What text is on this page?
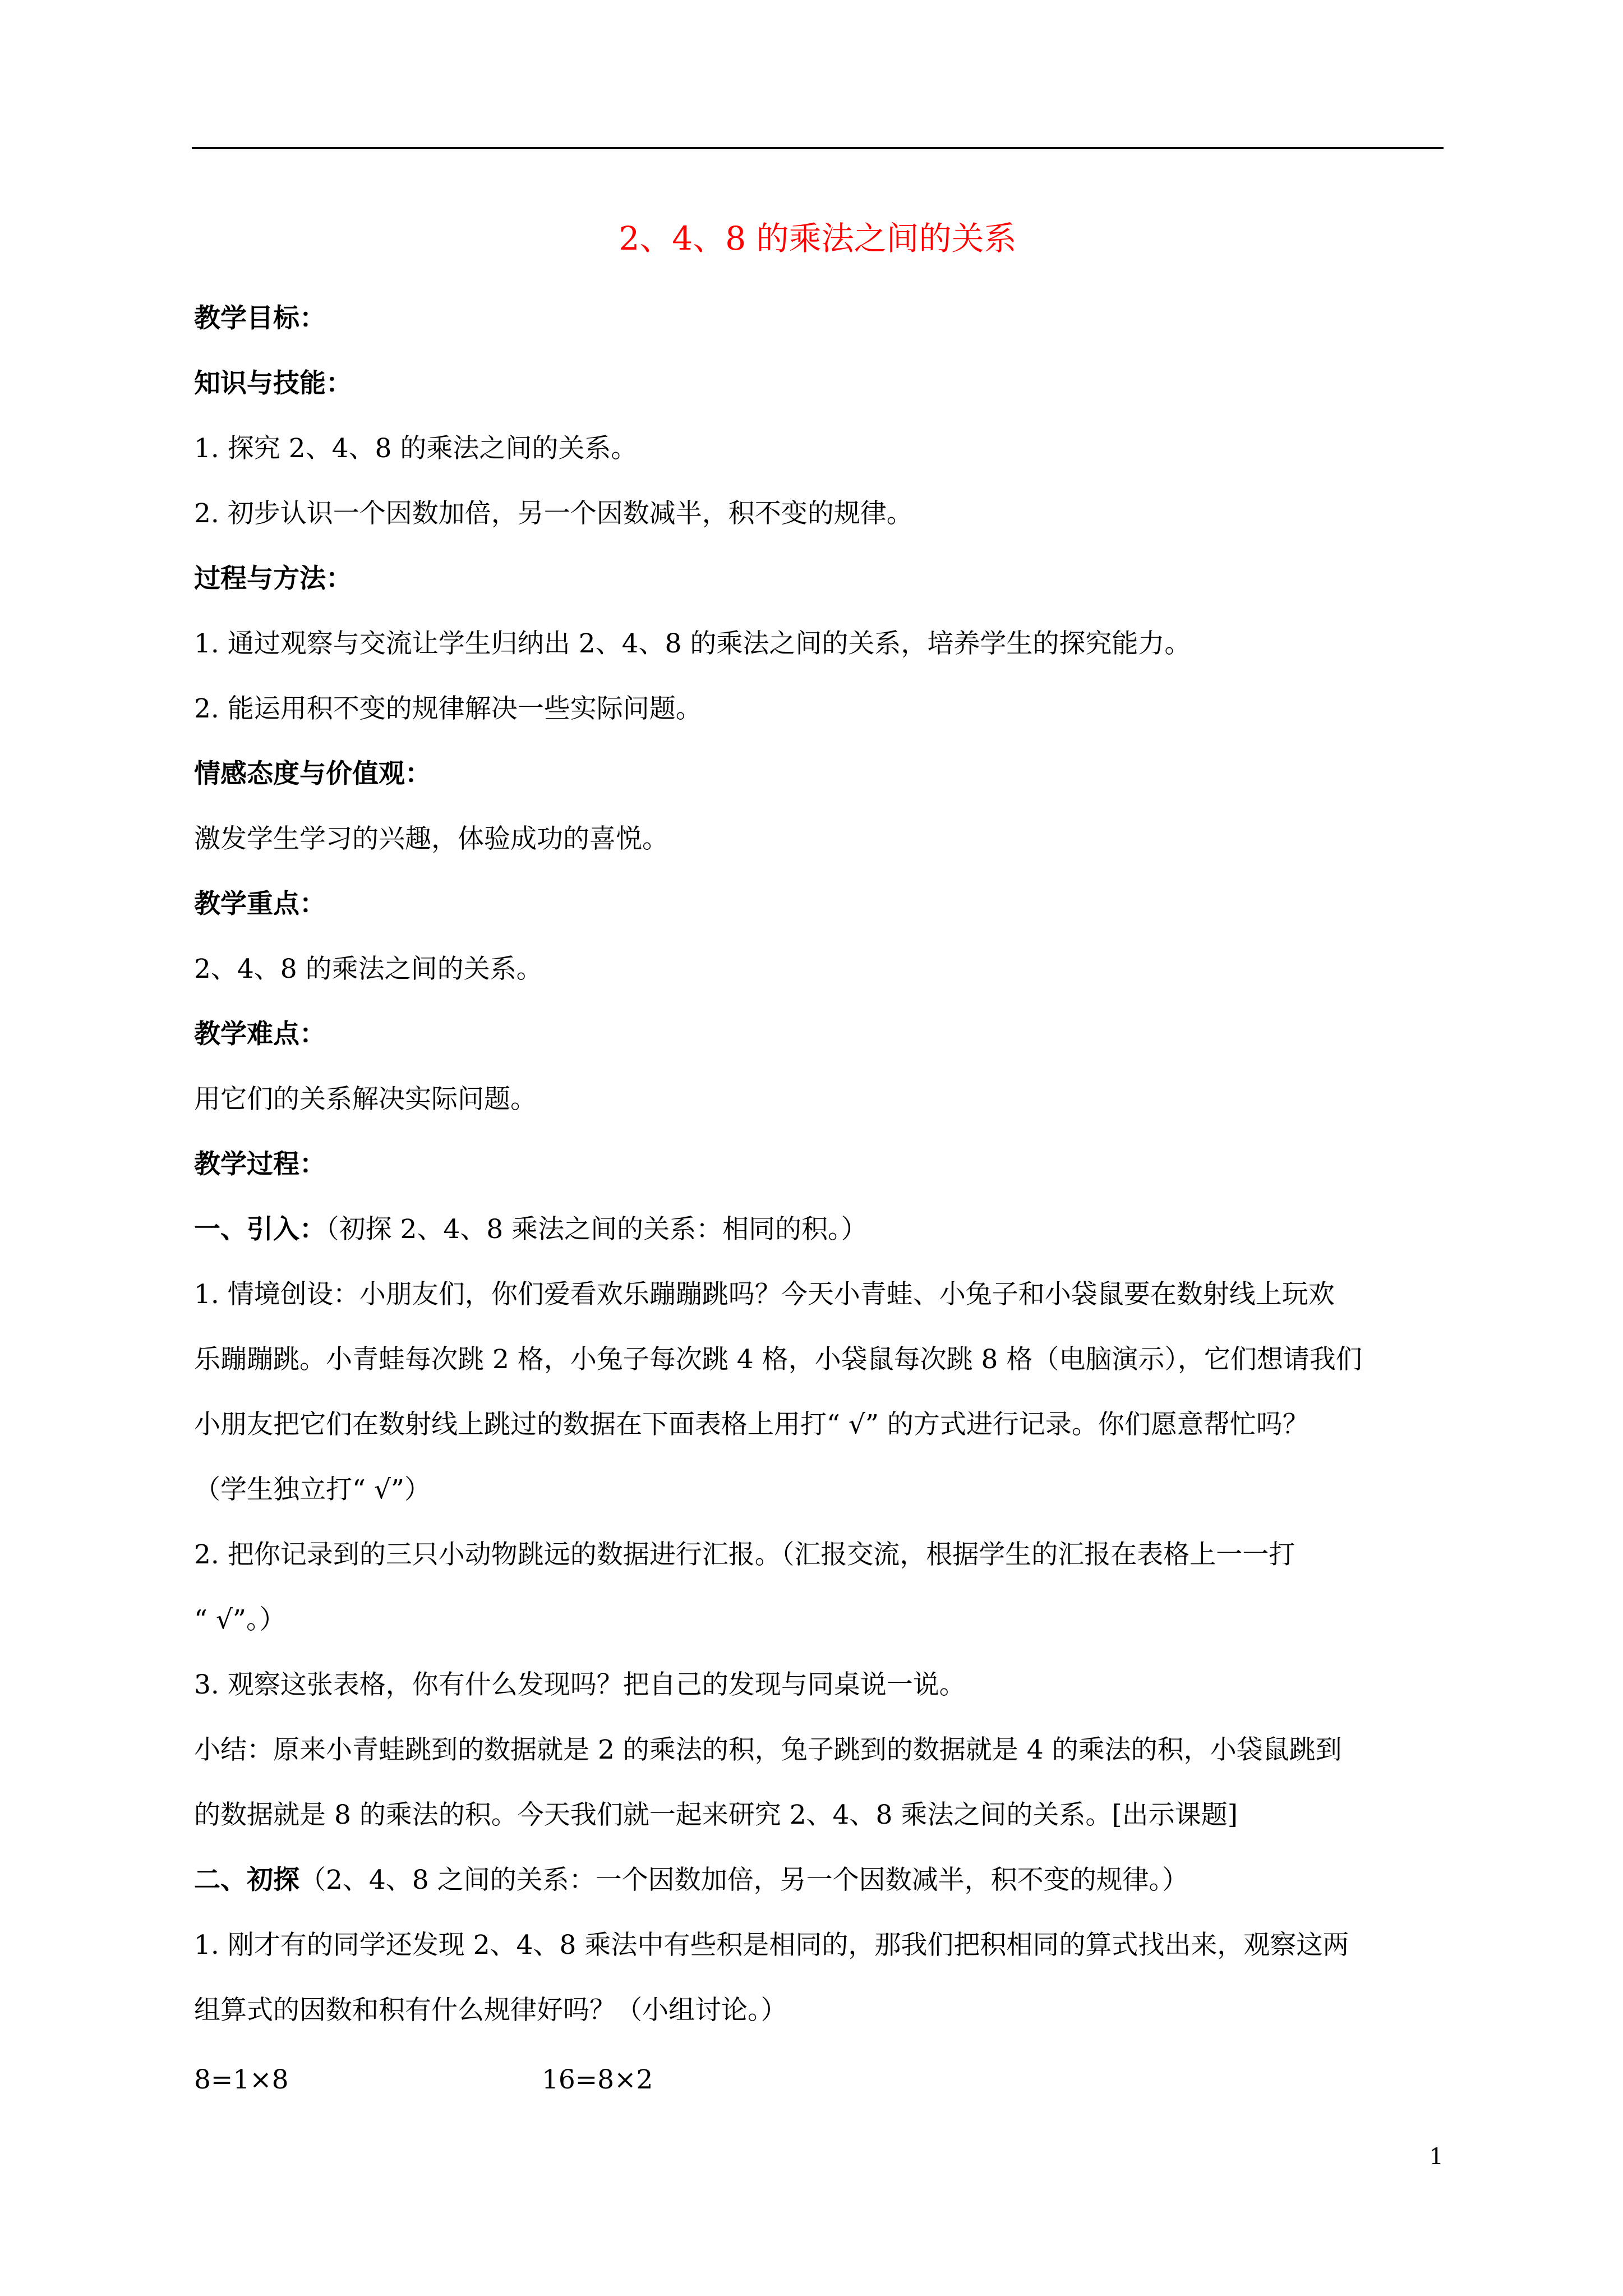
2、4、8 的乘法之间的关系

教学目标：

知识与技能：

1. 探究 2、4、8 的乘法之间的关系。

2. 初步认识一个因数加倍，另一个因数减半，积不变的规律。

过程与方法：

1. 通过观察与交流让学生归纳出 2、4、8 的乘法之间的关系，培养学生的探究能力。

2. 能运用积不变的规律解决一些实际问题。

情感态度与价值观：

激发学生学习的兴趣，体验成功的喜悦。

教学重点：

2、4、8 的乘法之间的关系。

教学难点：

用它们的关系解决实际问题。

教学过程：

一、引入：（初探 2、4、8 乘法之间的关系：相同的积。）

1. 情境创设：小朋友们，你们爱看欢乐蹦蹦跳吗？今天小青蛙、小兔子和小袋鼠要在数射线上玩欢

乐蹦蹦跳。小青蛙每次跳 2 格，小兔子每次跳 4 格，小袋鼠每次跳 8 格（电脑演示），它们想请我们

小朋友把它们在数射线上跳过的数据在下面表格上用打“ √” 的方式进行记录。你们愿意帮忙吗？

（学生独立打“ √”）

2. 把你记录到的三只小动物跳远的数据进行汇报。（汇报交流，根据学生的汇报在表格上一一打

“ √”。）

3. 观察这张表格，你有什么发现吗？把自己的发现与同桌说一说。

小结：原来小青蛙跳到的数据就是 2 的乘法的积，兔子跳到的数据就是 4 的乘法的积，小袋鼠跳到

的数据就是 8 的乘法的积。今天我们就一起来研究 2、4、8 乘法之间的关系。[出示课题]

二、初探（2、4、8 之间的关系：一个因数加倍，另一个因数减半，积不变的规律。）

1. 刚才有的同学还发现 2、4、8 乘法中有些积是相同的，那我们把积相同的算式找出来，观察这两

组算式的因数和积有什么规律好吗？（小组讨论。）

8=1×8	16=8×2
1
